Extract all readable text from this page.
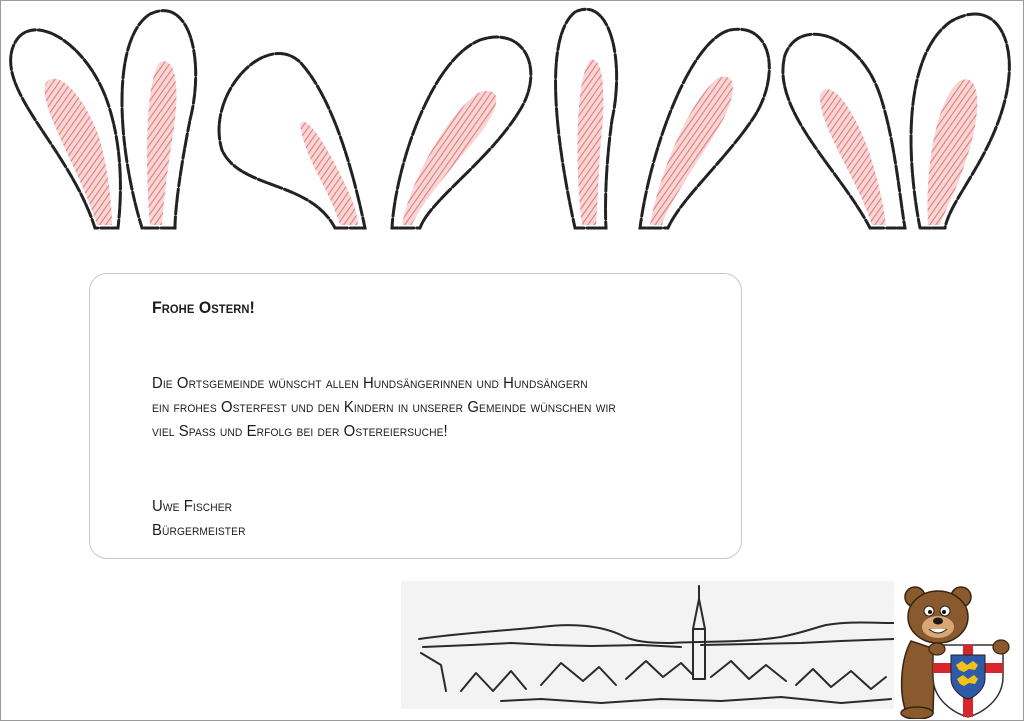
Frohe Ostern!
Die Ortsgemeinde wünscht allen Hundsängerinnen und Hundsängern
ein frohes Osterfest und den Kindern in unserer Gemeinde wünschen wir
viel Spass und Erfolg bei der Ostereiersuche!
Uwe Fischer
Bürgermeister
